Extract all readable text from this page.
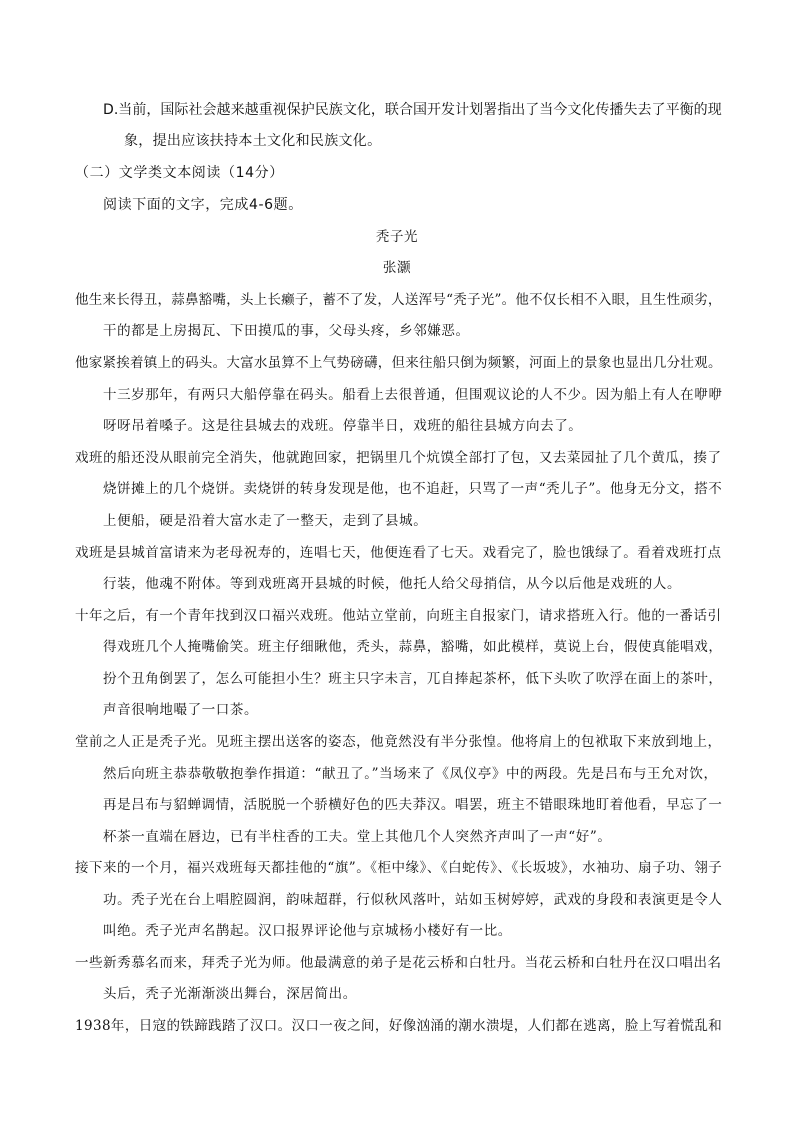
D.当前，国际社会越来越重视保护民族文化，联合国开发计划署指出了当今文化传播失去了平衡的现
象，提出应该扶持本土文化和民族文化。
（二）文学类文本阅读（14分）
阅读下面的文字，完成4-6题。
秃子光
张灏
他生来长得丑，蒜鼻豁嘴，头上长癞子，蓄不了发，人送浑号“秃子光”。他不仅长相不入眼，且生性顽劣，
干的都是上房揭瓦、下田摸瓜的事，父母头疼，乡邻嫌恶。
他家紧挨着镇上的码头。大富水虽算不上气势磅礴，但来往船只倒为频繁，河面上的景象也显出几分壮观。
十三岁那年，有两只大船停靠在码头。船看上去很普通，但围观议论的人不少。因为船上有人在咿咿
呀呀吊着嗓子。这是往县城去的戏班。停靠半日，戏班的船往县城方向去了。
戏班的船还没从眼前完全消失，他就跑回家，把锅里几个炕馍全部打了包，又去菜园扯了几个黄瓜，揍了
烧饼摊上的几个烧饼。卖烧饼的转身发现是他，也不追赶，只骂了一声“秃儿子”。他身无分文，搭不
上便船，硬是沿着大富水走了一整天，走到了县城。
戏班是县城首富请来为老母祝寿的，连唱七天，他便连看了七天。戏看完了，脸也饿绿了。看着戏班打点
行装，他魂不附体。等到戏班离开县城的时候，他托人给父母捎信，从今以后他是戏班的人。
十年之后，有一个青年找到汉口福兴戏班。他站立堂前，向班主自报家门，请求搭班入行。他的一番话引
得戏班几个人掩嘴偷笑。班主仔细瞅他，秃头，蒜鼻，豁嘴，如此模样，莫说上台，假使真能唱戏，
扮个丑角倒罢了，怎么可能担小生？班主只字未言，兀自捧起茶杯，低下头吹了吹浮在面上的茶叶，
声音很响地嘬了一口茶。
堂前之人正是秃子光。见班主摆出送客的姿态，他竟然没有半分张惶。他将肩上的包袱取下来放到地上，
然后向班主恭恭敬敬抱拳作揖道：“献丑了。”当场来了《凤仪亭》中的两段。先是吕布与王允对饮，
再是吕布与貂蝉调情，活脱脱一个骄横好色的匹夫莽汉。唱罢，班主不错眼珠地盯着他看，早忘了一
杯茶一直端在唇边，已有半柱香的工夫。堂上其他几个人突然齐声叫了一声“好”。
接下来的一个月，福兴戏班每天都挂他的“旗”。《柜中缘》、《白蛇传》、《长坂坡》，水袖功、扇子功、翎子
功。秃子光在台上唱腔圆润，韵味超群，行似秋风落叶，站如玉树婷婷，武戏的身段和表演更是令人
叫绝。秃子光声名鹊起。汉口报界评论他与京城杨小楼好有一比。
一些新秀慕名而来，拜秃子光为师。他最满意的弟子是花云桥和白牡丹。当花云桥和白牡丹在汉口唱出名
头后，秃子光渐渐淡出舞台，深居简出。
1938年，日寇的铁蹄践踏了汉口。汉口一夜之间，好像汹涌的潮水溃堤，人们都在逃离，脸上写着慌乱和
